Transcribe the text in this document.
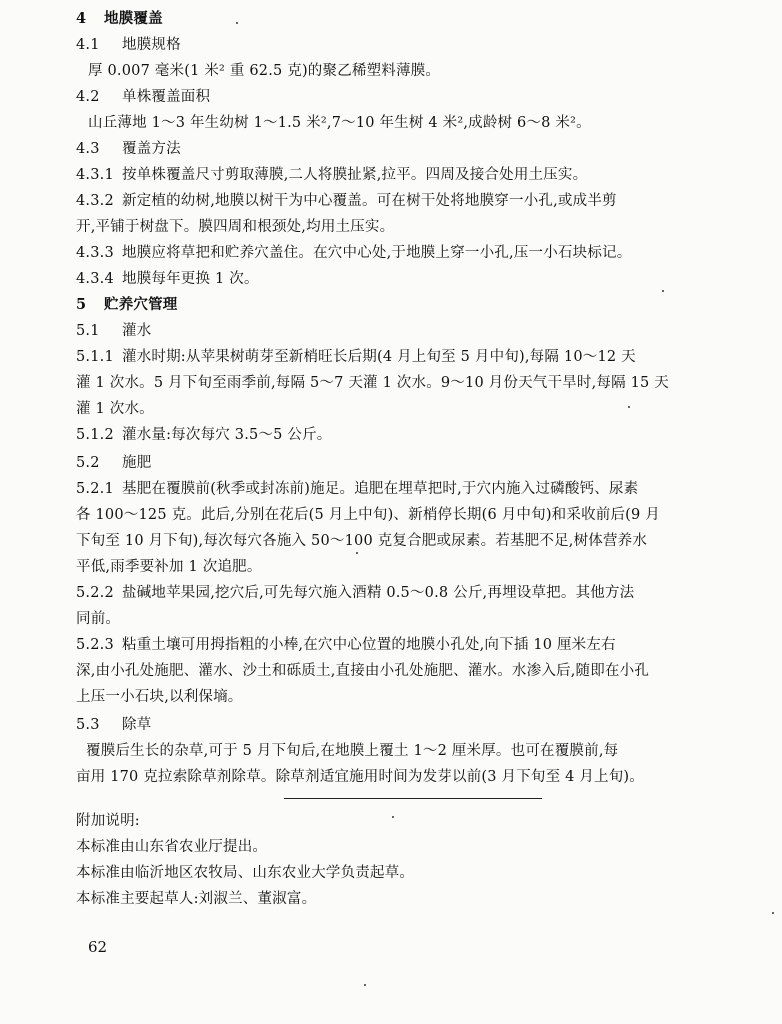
4 地膜覆盖
4.1 地膜规格
厚 0.007 毫米(1 米² 重 62.5 克)的聚乙稀塑料薄膜。
4.2 单株覆盖面积
山丘薄地 1～3 年生幼树 1～1.5 米²,7～10 年生树 4 米²,成龄树 6～8 米²。
4.3 覆盖方法
4.3.1 按单株覆盖尺寸剪取薄膜,二人将膜扯紧,拉平。四周及接合处用土压实。
4.3.2 新定植的幼树,地膜以树干为中心覆盖。可在树干处将地膜穿一小孔,或成半剪
开,平铺于树盘下。膜四周和根颈处,均用土压实。
4.3.3 地膜应将草把和贮养穴盖住。在穴中心处,于地膜上穿一小孔,压一小石块标记。
4.3.4 地膜每年更换 1 次。
5 贮养穴管理
5.1 灌水
5.1.1 灌水时期:从苹果树萌芽至新梢旺长后期(4 月上旬至 5 月中旬),每隔 10～12 天
灌 1 次水。5 月下旬至雨季前,每隔 5～7 天灌 1 次水。9～10 月份天气干旱时,每隔 15 天
灌 1 次水。
5.1.2 灌水量:每次每穴 3.5～5 公斤。
5.2 施肥
5.2.1 基肥在覆膜前(秋季或封冻前)施足。追肥在埋草把时,于穴内施入过磷酸钙、尿素
各 100～125 克。此后,分别在花后(5 月上中旬)、新梢停长期(6 月中旬)和采收前后(9 月
下旬至 10 月下旬),每次每穴各施入 50～100 克复合肥或尿素。若基肥不足,树体营养水
平低,雨季要补加 1 次追肥。
5.2.2 盐碱地苹果园,挖穴后,可先每穴施入酒精 0.5～0.8 公斤,再埋设草把。其他方法
同前。
5.2.3 粘重土壤可用拇指粗的小棒,在穴中心位置的地膜小孔处,向下插 10 厘米左右
深,由小孔处施肥、灌水、沙土和砾质土,直接由小孔处施肥、灌水。水渗入后,随即在小孔
上压一小石块,以利保墒。
5.3 除草
覆膜后生长的杂草,可于 5 月下旬后,在地膜上覆土 1～2 厘米厚。也可在覆膜前,每
亩用 170 克拉索除草剂除草。除草剂适宜施用时间为发芽以前(3 月下旬至 4 月上旬)。
附加说明:
本标准由山东省农业厅提出。
本标准由临沂地区农牧局、山东农业大学负责起草。
本标准主要起草人:刘淑兰、董淑富。
62
